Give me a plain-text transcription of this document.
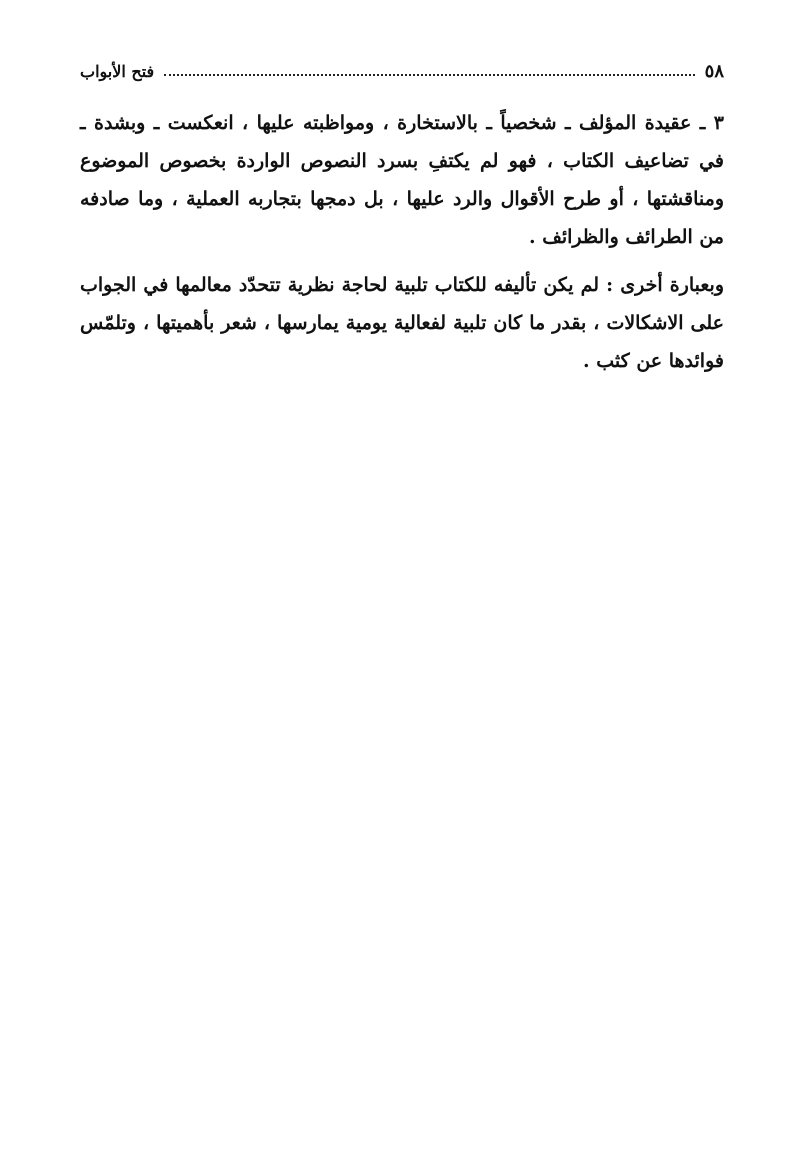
٥٨
فتح الأبواب

٣ ـ عقيدة المؤلف ـ شخصياً ـ بالاستخارة ، ومواظبته عليها ، انعكست ـ وبشدة ـ في تضاعيف الكتاب ، فهو لم يكتفِ بسرد النصوص الواردة بخصوص الموضوع ومناقشتها ، أو طرح الأقوال والرد عليها ، بل دمجها بتجاربه العملية ، وما صادفه من الطرائف والظرائف .

وبعبارة أخرى : لم يكن تأليفه للكتاب تلبية لحاجة نظرية تتحدّد معالمها في الجواب على الاشكالات ، بقدر ما كان تلبية لفعالية يومية يمارسها ، شعر بأهميتها ، وتلمّس فوائدها عن كثب .
